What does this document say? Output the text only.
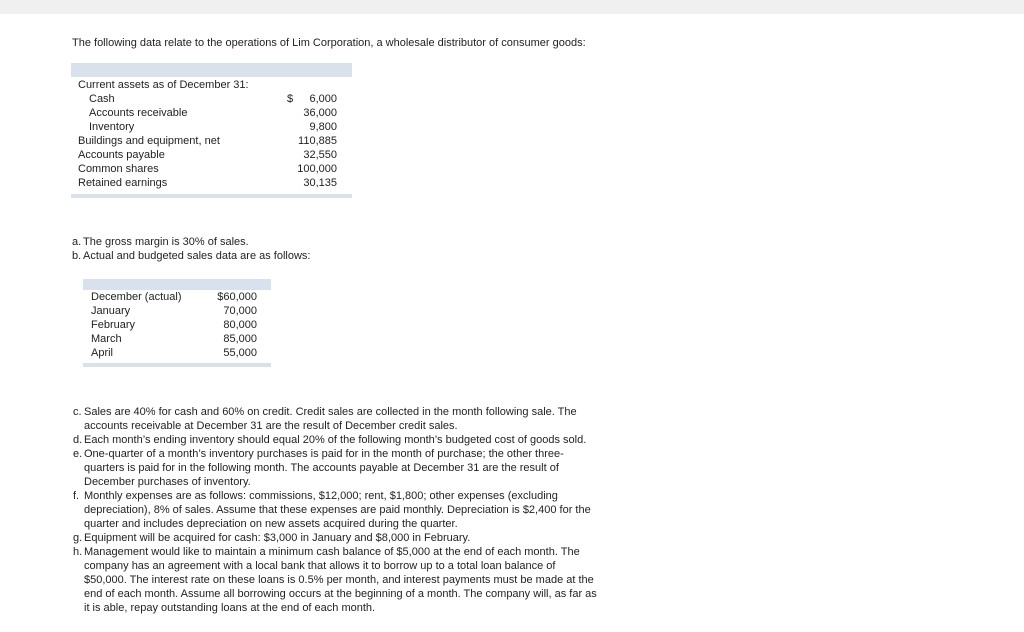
The following data relate to the operations of Lim Corporation, a wholesale distributor of consumer goods:
Current assets as of December 31:
Cash	$ 6,000
Accounts receivable	36,000
Inventory	9,800
Buildings and equipment, net	110,885
Accounts payable	32,550
Common shares	100,000
Retained earnings	30,135
a. The gross margin is 30% of sales.
b. Actual and budgeted sales data are as follows:
December (actual)	$60,000
January	70,000
February	80,000
March	85,000
April	55,000
c. Sales are 40% for cash and 60% on credit. Credit sales are collected in the month following sale. The
accounts receivable at December 31 are the result of December credit sales.
d. Each month’s ending inventory should equal 20% of the following month’s budgeted cost of goods sold.
e. One-quarter of a month’s inventory purchases is paid for in the month of purchase; the other three-
quarters is paid for in the following month. The accounts payable at December 31 are the result of
December purchases of inventory.
f. Monthly expenses are as follows: commissions, $12,000; rent, $1,800; other expenses (excluding
depreciation), 8% of sales. Assume that these expenses are paid monthly. Depreciation is $2,400 for the
quarter and includes depreciation on new assets acquired during the quarter.
g. Equipment will be acquired for cash: $3,000 in January and $8,000 in February.
h. Management would like to maintain a minimum cash balance of $5,000 at the end of each month. The
company has an agreement with a local bank that allows it to borrow up to a total loan balance of
$50,000. The interest rate on these loans is 0.5% per month, and interest payments must be made at the
end of each month. Assume all borrowing occurs at the beginning of a month. The company will, as far as
it is able, repay outstanding loans at the end of each month.
